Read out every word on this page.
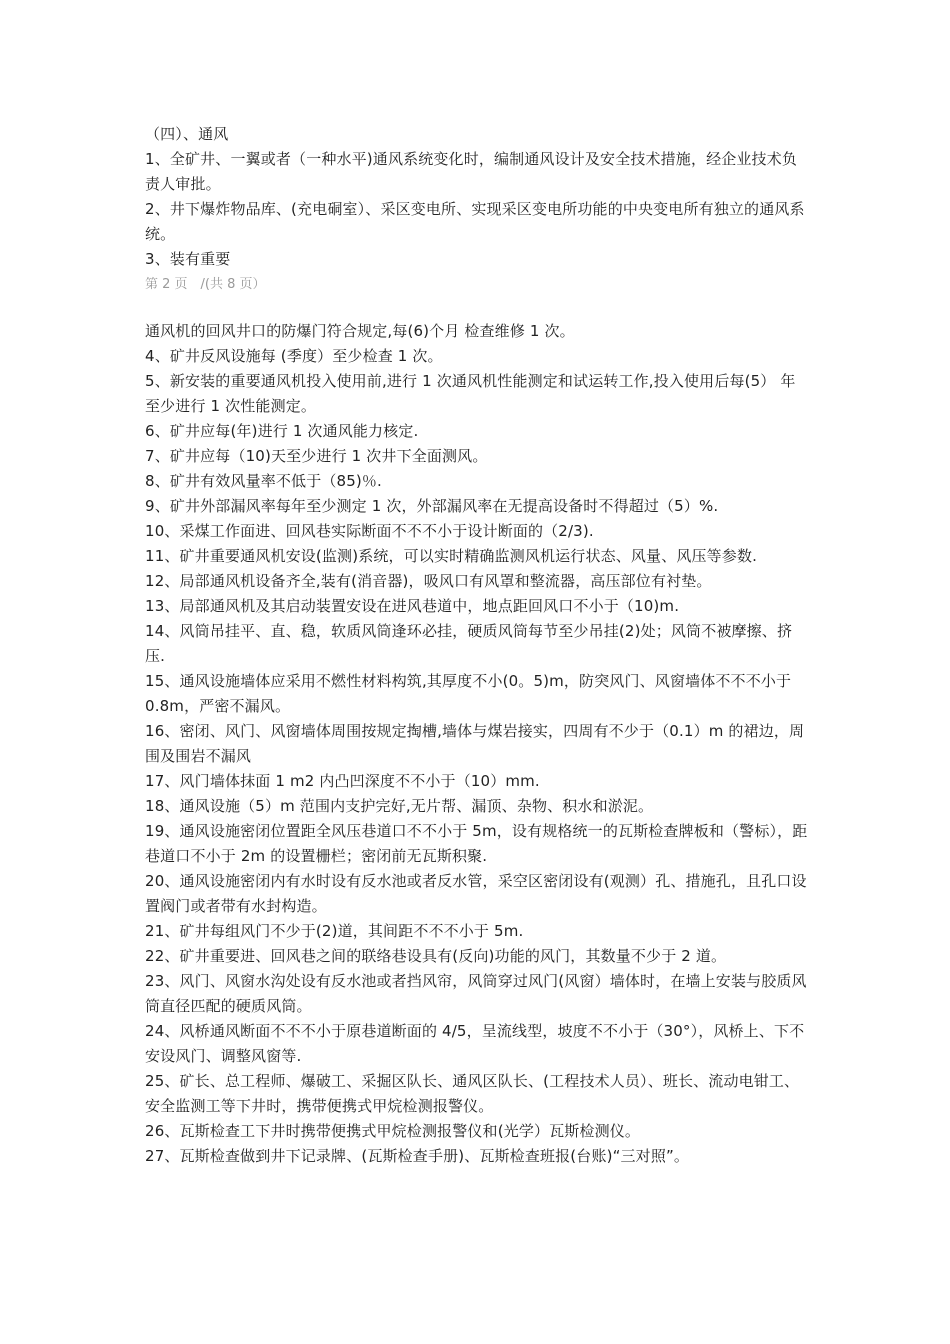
（四）、通风

1、全矿井、一翼或者（一种水平)通风系统变化时，编制通风设计及安全技术措施，经企业技术负责人审批。

2、井下爆炸物品库、(充电硐室）、采区变电所、实现采区变电所功能的中央变电所有独立的通风系统。

3、装有重要

第 2 页　/(共 8 页）

通风机的回风井口的防爆门符合规定,每(6)个月 检查维修 1 次。

4、矿井反风设施每 (季度）至少检查 1 次。

5、新安装的重要通风机投入使用前,进行 1 次通风机性能测定和试运转工作,投入使用后每(5） 年至少进行 1 次性能测定。

6、矿井应每(年)进行 1 次通风能力核定.

7、矿井应每（10)天至少进行 1 次井下全面测风。

8、矿井有效风量率不低于（85)％.

9、矿井外部漏风率每年至少测定 1 次，外部漏风率在无提高设备时不得超过（5）%.

10、采煤工作面进、回风巷实际断面不不不小于设计断面的（2/3).

11、矿井重要通风机安设(监测)系统，可以实时精确监测风机运行状态、风量、风压等参数.

12、局部通风机设备齐全,装有(消音器)，吸风口有风罩和整流器，高压部位有衬垫。

13、局部通风机及其启动装置安设在进风巷道中，地点距回风口不小于（10)m.

14、风筒吊挂平、直、稳，软质风筒逢环必挂，硬质风筒每节至少吊挂(2)处；风筒不被摩擦、挤压.

15、通风设施墙体应采用不燃性材料构筑,其厚度不小(0。5)m，防突风门、风窗墙体不不不小于 0.8m，严密不漏风。

16、密闭、风门、风窗墙体周围按规定掏槽,墙体与煤岩接实，四周有不少于（0.1）m 的裙边，周围及围岩不漏风

17、风门墙体抹面 1 m2 内凸凹深度不不小于（10）mm.

18、通风设施（5）m 范围内支护完好,无片帮、漏顶、杂物、积水和淤泥。

19、通风设施密闭位置距全风压巷道口不不小于 5m，设有规格统一的瓦斯检查牌板和（警标），距巷道口不小于 2m 的设置栅栏；密闭前无瓦斯积聚.

20、通风设施密闭内有水时设有反水池或者反水管，采空区密闭设有(观测）孔、措施孔，且孔口设置阀门或者带有水封构造。

21、矿井每组风门不少于(2)道，其间距不不不小于 5m.

22、矿井重要进、回风巷之间的联络巷设具有(反向)功能的风门，其数量不少于 2 道。

23、风门、风窗水沟处设有反水池或者挡风帘，风筒穿过风门(风窗）墙体时，在墙上安装与胶质风筒直径匹配的硬质风筒。

24、风桥通风断面不不不小于原巷道断面的 4/5，呈流线型，坡度不不小于（30°），风桥上、下不安设风门、调整风窗等.

25、矿长、总工程师、爆破工、采掘区队长、通风区队长、(工程技术人员）、班长、流动电钳工、安全监测工等下井时，携带便携式甲烷检测报警仪。

26、瓦斯检查工下井时携带便携式甲烷检测报警仪和(光学）瓦斯检测仪。

27、瓦斯检查做到井下记录牌、(瓦斯检查手册)、瓦斯检查班报(台账)“三对照”。
